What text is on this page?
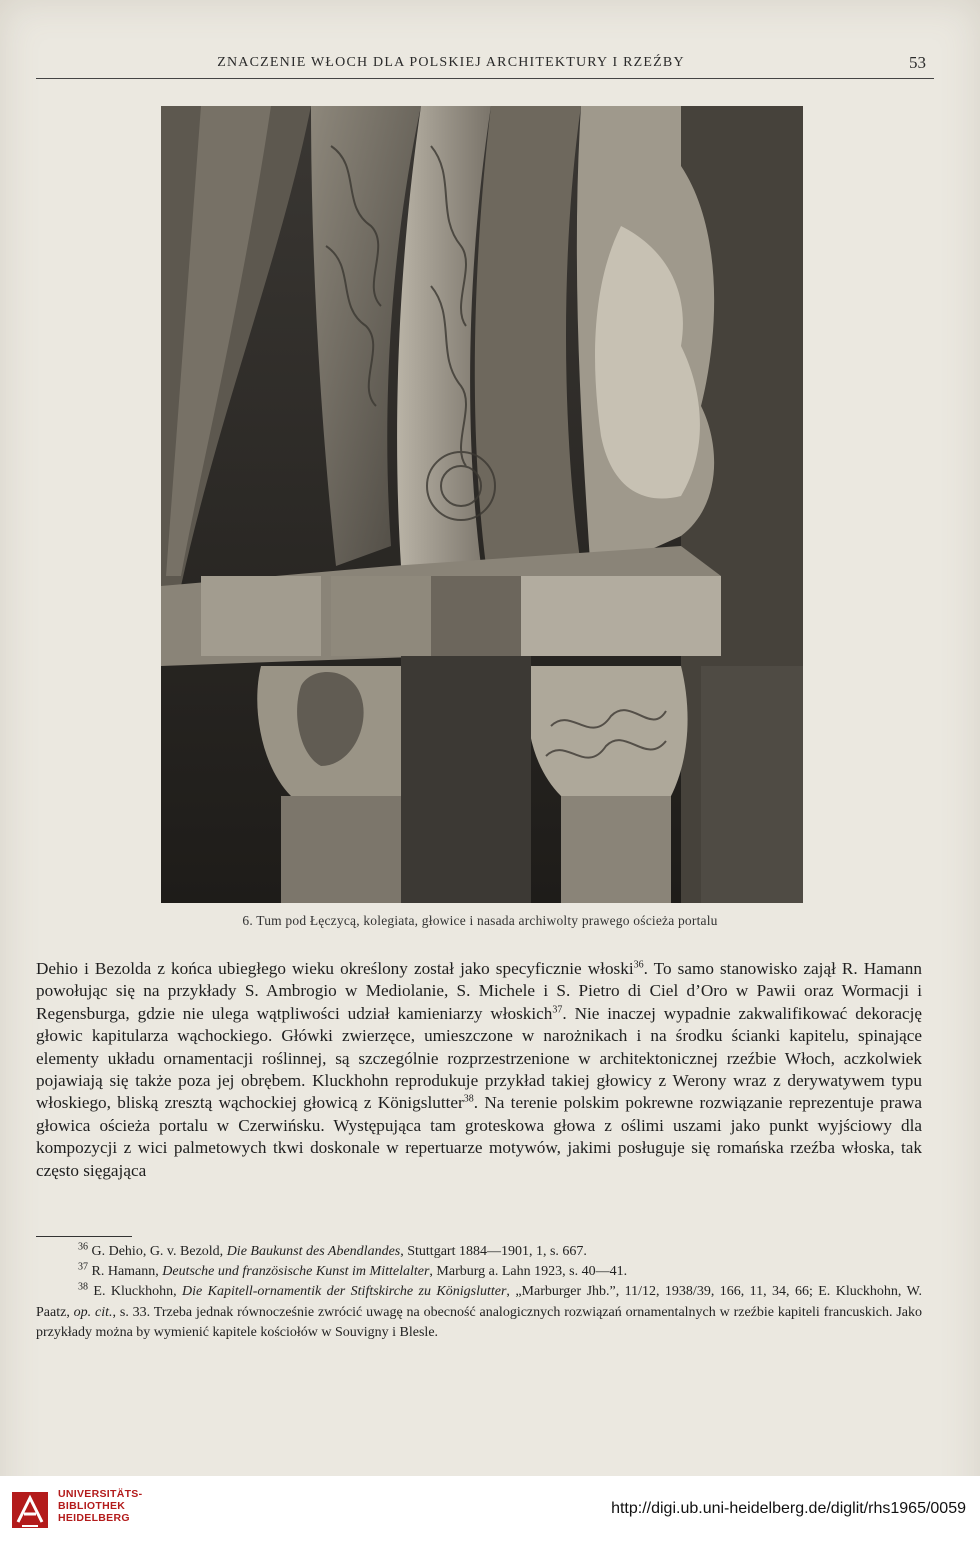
ZNACZENIE WŁOCH DLA POLSKIEJ ARCHITEKTURY I RZEŹBY	53
6. Tum pod Łęczycą, kolegiata, głowice i nasada archiwolty prawego ościeża portalu
Dehio i Bezolda z końca ubiegłego wieku określony został jako specyficznie włoski$^{36}$. To samo stanowisko zajął R. Hamann powołując się na przykłady S. Ambrogio w Mediolanie, S. Michele i S. Pietro di Ciel d’Oro w Pawii oraz Wormacji i Regensburga, gdzie nie ulega wątpliwości udział kamieniarzy włoskich$^{37}$. Nie inaczej wypadnie zakwalifikować dekorację głowic kapitularza wąchockiego. Główki zwierzęce, umieszczone w narożnikach i na środku ścianki kapitelu, spinające elementy układu ornamentacji roślinnej, są szczególnie rozprzestrzenione w architektonicznej rzeźbie Włoch, aczkolwiek pojawiają się także poza jej obrębem. Kluckhohn reprodukuje przykład takiej głowicy z Werony wraz z derywatywem typu włoskiego, bliską zresztą wąchockiej głowicą z Königslutter$^{38}$. Na terenie polskim pokrewne rozwiązanie reprezentuje prawa głowica ościeża portalu w Czerwińsku. Występująca tam groteskowa głowa z oślimi uszami jako punkt wyjściowy dla kompozycji z wici palmetowych tkwi doskonale w repertuarze motywów, jakimi posługuje się romańska rzeźba włoska, tak często sięgająca

$^{36}$ G. Dehio, G. v. Bezold, Die Baukunst des Abendlandes, Stuttgart 1884—1901, 1, s. 667.

$^{37}$ R. Hamann, Deutsche und französische Kunst im Mittelalter, Marburg a. Lahn 1923, s. 40—41.

$^{38}$ E. Kluckhohn, Die Kapitell-ornamentik der Stiftskirche zu Königslutter, „Marburger Jhb.”, 11/12, 1938/39, 166, 11, 34, 66; E. Kluckhohn, W. Paatz, op. cit., s. 33. Trzeba jednak równocześnie zwrócić uwagę na obecność analogicznych rozwiązań ornamentalnych w rzeźbie kapiteli francuskich. Jako przykłady można by wymienić kapitele kościołów w Souvigny i Blesle.

UNIVERSITÄTS-
BIBLIOTHEK
HEIDELBERG
http://digi.ub.uni-heidelberg.de/diglit/rhs1965/0059
